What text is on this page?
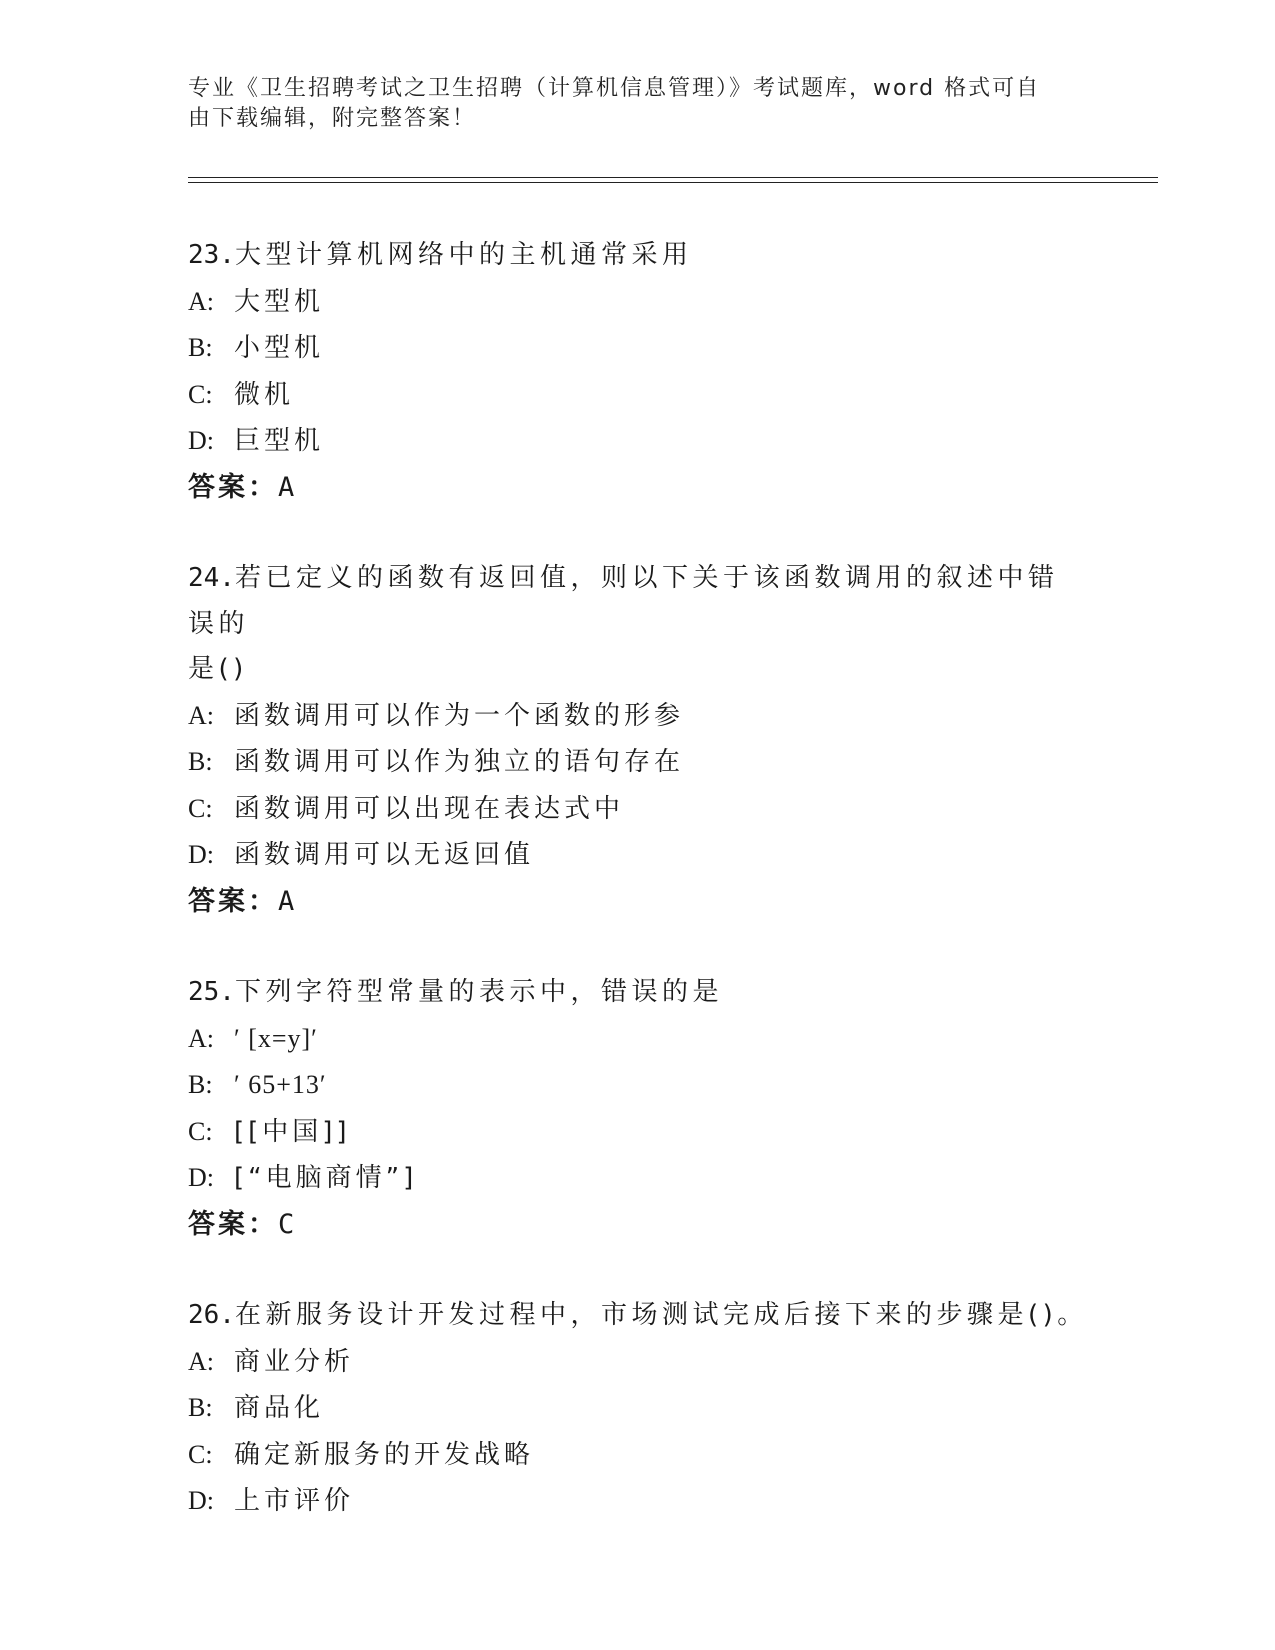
专业《卫生招聘考试之卫生招聘（计算机信息管理）》考试题库，word 格式可自
由下载编辑，附完整答案！
23.大型计算机网络中的主机通常采用
A: 大型机
B: 小型机
C: 微机
D: 巨型机
答案：A
24.若已定义的函数有返回值，则以下关于该函数调用的叙述中错误的
是()
A: 函数调用可以作为一个函数的形参
B: 函数调用可以作为独立的语句存在
C: 函数调用可以出现在表达式中
D: 函数调用可以无返回值
答案：A
25.下列字符型常量的表示中，错误的是
A: ′ [x=y]′
B: ′ 65+13′
C: [[中国]]
D: [“电脑商情”]
答案：C
26.在新服务设计开发过程中，市场测试完成后接下来的步骤是()。
A: 商业分析
B: 商品化
C: 确定新服务的开发战略
D: 上市评价
